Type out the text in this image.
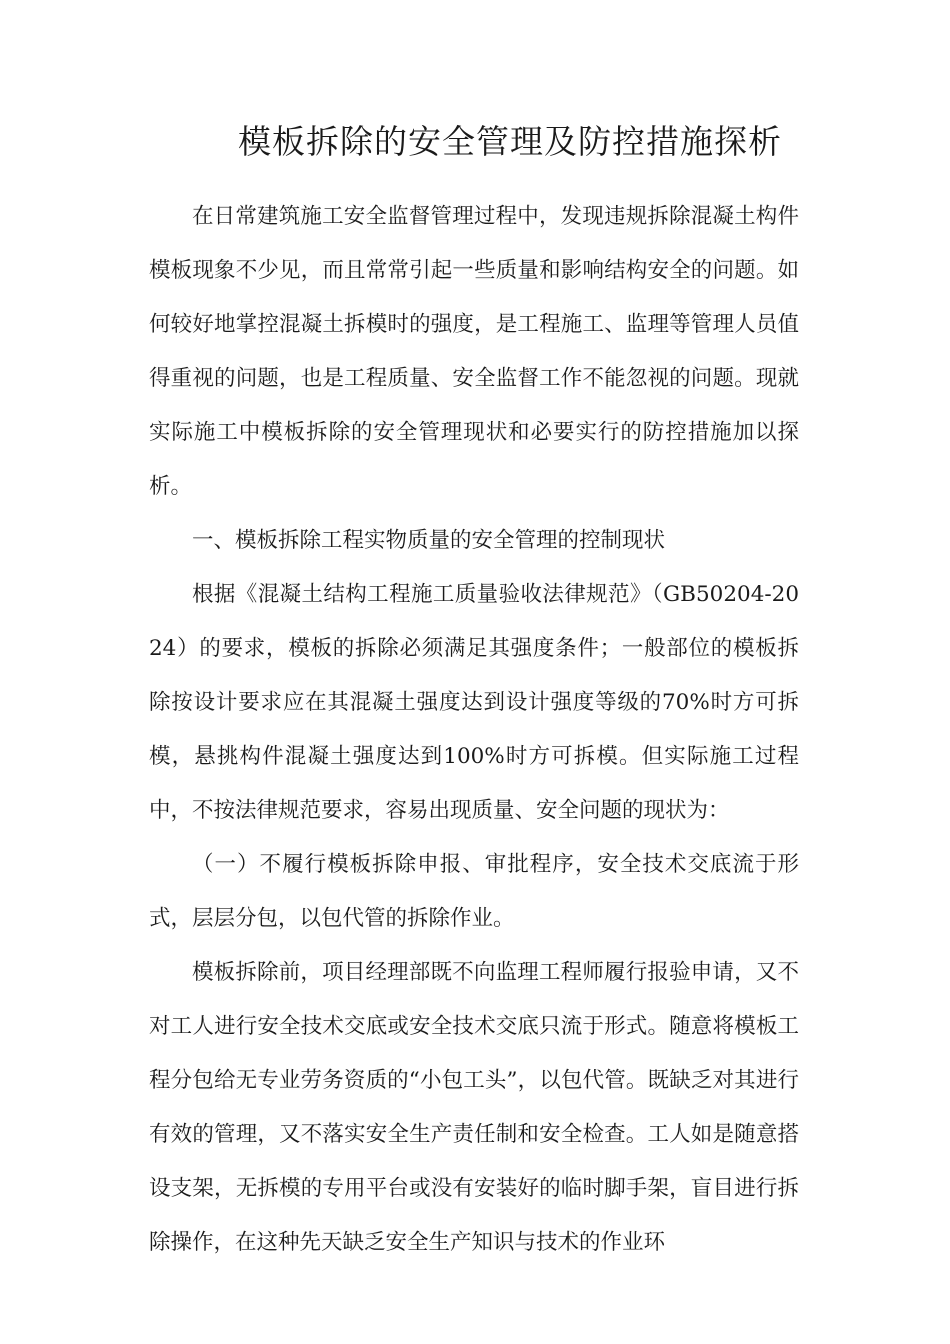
模板拆除的安全管理及防控措施探析

在日常建筑施工安全监督管理过程中，发现违规拆除混凝土构件模板现象不少见，而且常常引起一些质量和影响结构安全的问题。如何较好地掌控混凝土拆模时的强度，是工程施工、监理等管理人员值得重视的问题，也是工程质量、安全监督工作不能忽视的问题。现就实际施工中模板拆除的安全管理现状和必要实行的防控措施加以探析。

一、模板拆除工程实物质量的安全管理的控制现状

根据《混凝土结构工程施工质量验收法律规范》（GB50204-2024）的要求，模板的拆除必须满足其强度条件；一般部位的模板拆除按设计要求应在其混凝土强度达到设计强度等级的70%时方可拆模，悬挑构件混凝土强度达到100%时方可拆模。但实际施工过程中，不按法律规范要求，容易出现质量、安全问题的现状为：

（一）不履行模板拆除申报、审批程序，安全技术交底流于形式，层层分包，以包代管的拆除作业。

模板拆除前，项目经理部既不向监理工程师履行报验申请，又不对工人进行安全技术交底或安全技术交底只流于形式。随意将模板工程分包给无专业劳务资质的“小包工头”，以包代管。既缺乏对其进行有效的管理，又不落实安全生产责任制和安全检查。工人如是随意搭设支架，无拆模的专用平台或没有安装好的临时脚手架，盲目进行拆除操作，在这种先天缺乏安全生产知识与技术的作业环
